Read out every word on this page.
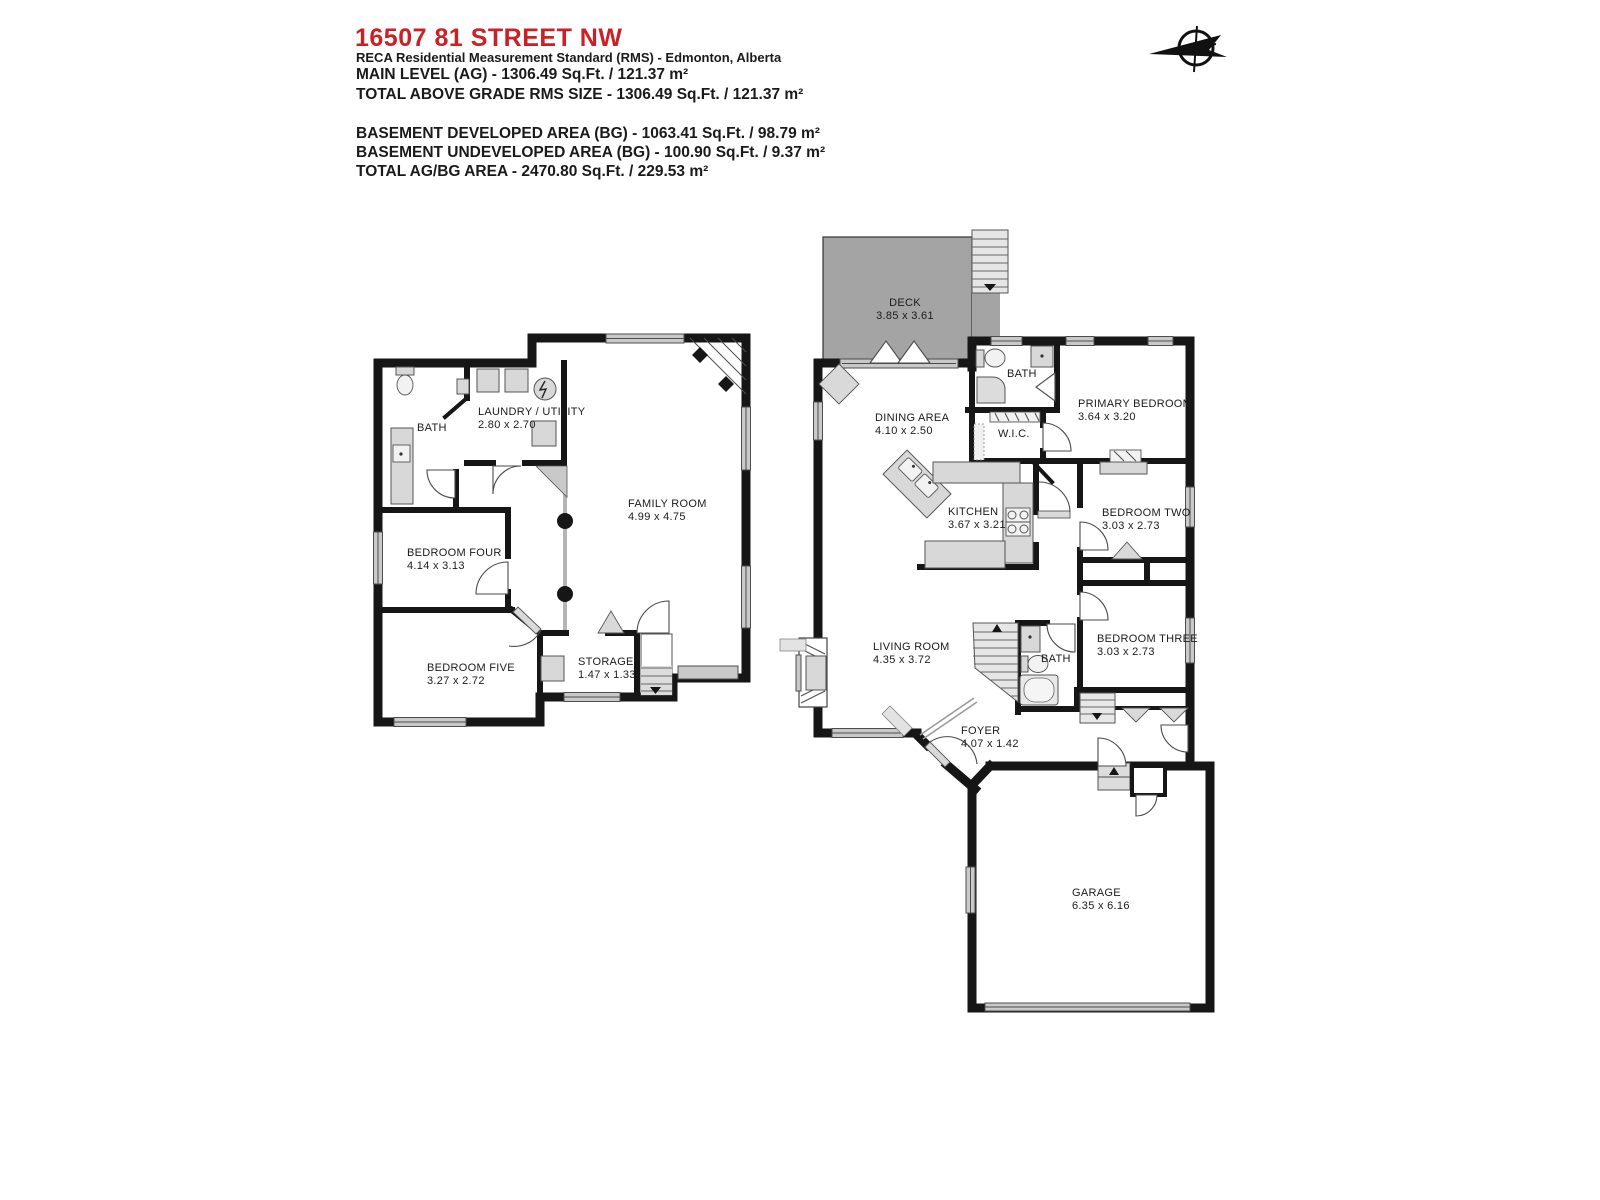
16507 81 STREET NW
RECA Residential Measurement Standard (RMS) - Edmonton, Alberta
MAIN LEVEL (AG) - 1306.49 Sq.Ft. / 121.37 m²
TOTAL ABOVE GRADE RMS SIZE - 1306.49 Sq.Ft. / 121.37 m²
BASEMENT DEVELOPED AREA (BG) - 1063.41 Sq.Ft. / 98.79 m²
BASEMENT UNDEVELOPED AREA (BG) - 100.90 Sq.Ft. / 9.37 m²
TOTAL AG/BG AREA - 2470.80 Sq.Ft. / 229.53 m²
BATH
LAUNDRY / UTILITY
2.80 x 2.70
FAMILY ROOM
4.99 x 4.75
BEDROOM FOUR
4.14 x 3.13
BEDROOM FIVE
3.27 x 2.72
STORAGE
1.47 x 1.33
DECK
3.85 x 3.61
DINING AREA
4.10 x 2.50
BATH
PRIMARY BEDROOM
3.64 x 3.20
W.I.C.
KITCHEN
3.67 x 3.21
BEDROOM TWO
3.03 x 2.73
LIVING ROOM
4.35 x 3.72	BATH
BEDROOM THREE
3.03 x 2.73
FOYER
4.07 x 1.42
GARAGE
6.35 x 6.16
